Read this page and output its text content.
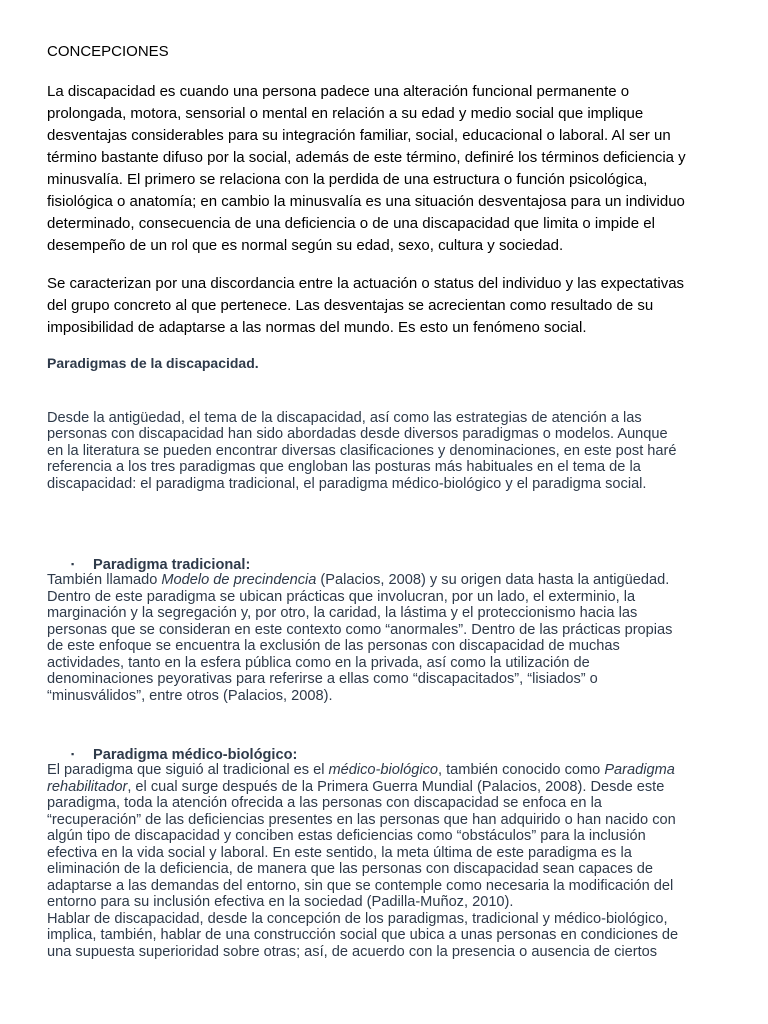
CONCEPCIONES
La discapacidad es cuando una persona padece una alteración funcional permanente o
prolongada, motora, sensorial o mental en relación a su edad y medio social que implique
desventajas considerables para su integración familiar, social, educacional o laboral. Al ser un
término bastante difuso por la social, además de este término, definiré los términos deficiencia y
minusvalía. El primero se relaciona con la perdida de una estructura o función psicológica,
fisiológica o anatomía; en cambio la minusvalía es una situación desventajosa para un individuo
determinado, consecuencia de una deficiencia o de una discapacidad que limita o impide el
desempeño de un rol que es normal según su edad, sexo, cultura y sociedad.
Se caracterizan por una discordancia entre la actuación o status del individuo y las expectativas
del grupo concreto al que pertenece. Las desventajas se acrecientan como resultado de su
imposibilidad de adaptarse a las normas del mundo. Es esto un fenómeno social.
Paradigmas de la discapacidad.
Desde la antigüedad, el tema de la discapacidad, así como las estrategias de atención a las
personas con discapacidad han sido abordadas desde diversos paradigmas o modelos. Aunque
en la literatura se pueden encontrar diversas clasificaciones y denominaciones, en este post haré
referencia a los tres paradigmas que engloban las posturas más habituales en el tema de la
discapacidad: el paradigma tradicional, el paradigma médico-biológico y el paradigma social.
▪ Paradigma tradicional:
También llamado Modelo de precindencia (Palacios, 2008) y su origen data hasta la antigüedad.
Dentro de este paradigma se ubican prácticas que involucran, por un lado, el exterminio, la
marginación y la segregación y, por otro, la caridad, la lástima y el proteccionismo hacia las
personas que se consideran en este contexto como “anormales”. Dentro de las prácticas propias
de este enfoque se encuentra la exclusión de las personas con discapacidad de muchas
actividades, tanto en la esfera pública como en la privada, así como la utilización de
denominaciones peyorativas para referirse a ellas como “discapacitados”, “lisiados” o
“minusválidos”, entre otros (Palacios, 2008).
▪ Paradigma médico-biológico:
El paradigma que siguió al tradicional es el médico-biológico, también conocido como Paradigma
rehabilitador, el cual surge después de la Primera Guerra Mundial (Palacios, 2008). Desde este
paradigma, toda la atención ofrecida a las personas con discapacidad se enfoca en la
“recuperación” de las deficiencias presentes en las personas que han adquirido o han nacido con
algún tipo de discapacidad y conciben estas deficiencias como “obstáculos” para la inclusión
efectiva en la vida social y laboral. En este sentido, la meta última de este paradigma es la
eliminación de la deficiencia, de manera que las personas con discapacidad sean capaces de
adaptarse a las demandas del entorno, sin que se contemple como necesaria la modificación del
entorno para su inclusión efectiva en la sociedad (Padilla-Muñoz, 2010).
Hablar de discapacidad, desde la concepción de los paradigmas, tradicional y médico-biológico,
implica, también, hablar de una construcción social que ubica a unas personas en condiciones de
una supuesta superioridad sobre otras; así, de acuerdo con la presencia o ausencia de ciertos
